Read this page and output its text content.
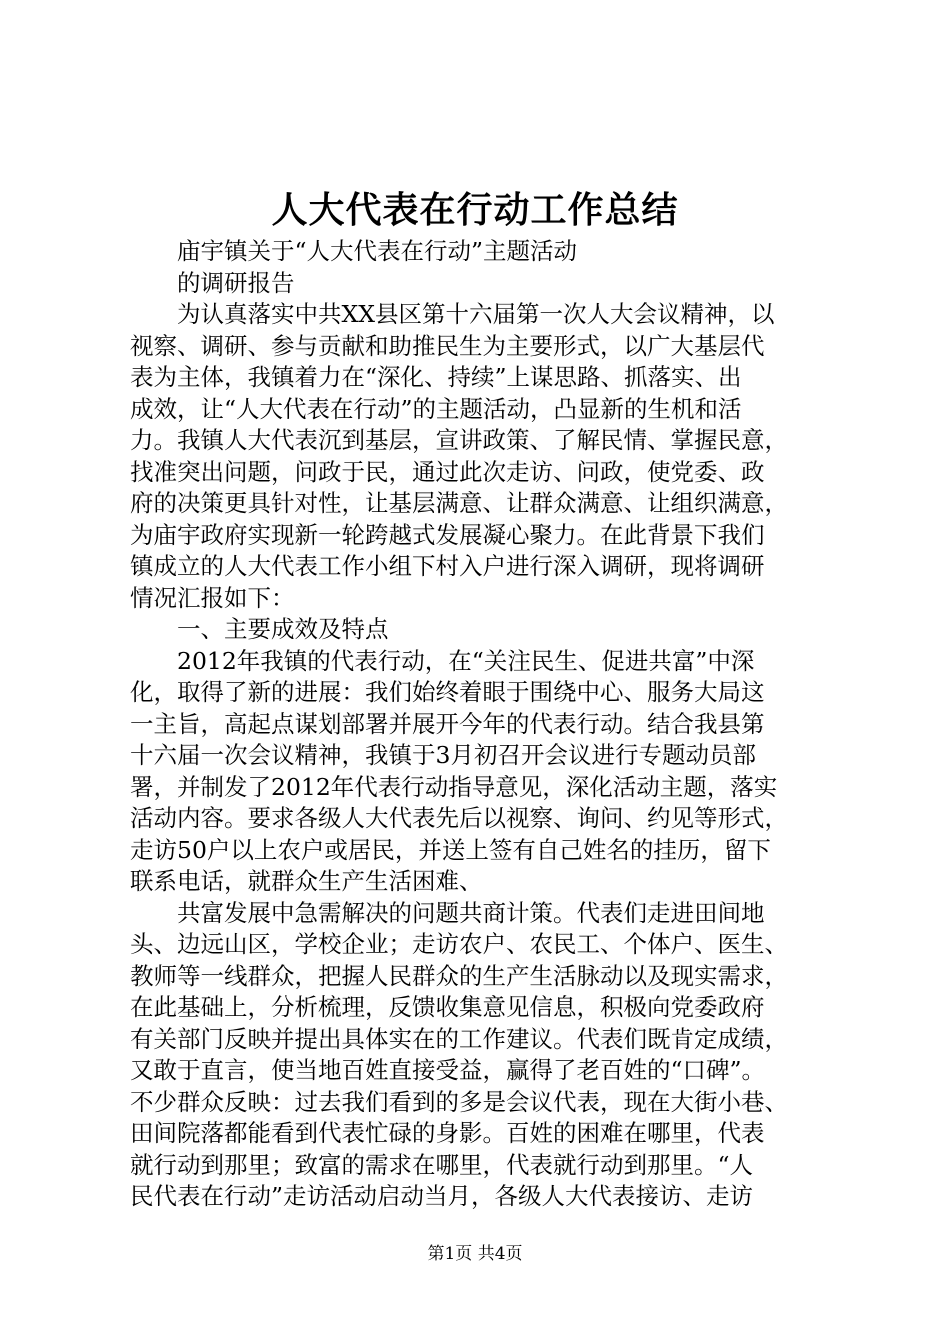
人大代表在行动工作总结
庙宇镇关于“人大代表在行动”主题活动
的调研报告
为认真落实中共XX县区第十六届第一次人大会议精神，以
视察、调研、参与贡献和助推民生为主要形式，以广大基层代
表为主体，我镇着力在“深化、持续”上谋思路、抓落实、出
成效，让“人大代表在行动”的主题活动，凸显新的生机和活
力。我镇人大代表沉到基层，宣讲政策、了解民情、掌握民意，
找准突出问题，问政于民，通过此次走访、问政，使党委、政
府的决策更具针对性，让基层满意、让群众满意、让组织满意，
为庙宇政府实现新一轮跨越式发展凝心聚力。在此背景下我们
镇成立的人大代表工作小组下村入户进行深入调研，现将调研
情况汇报如下：
一、主要成效及特点
2012年我镇的代表行动，在“关注民生、促进共富”中深
化，取得了新的进展：我们始终着眼于围绕中心、服务大局这
一主旨，高起点谋划部署并展开今年的代表行动。结合我县第
十六届一次会议精神，我镇于3月初召开会议进行专题动员部
署，并制发了2012年代表行动指导意见，深化活动主题，落实
活动内容。要求各级人大代表先后以视察、询问、约见等形式，
走访50户以上农户或居民，并送上签有自己姓名的挂历，留下
联系电话，就群众生产生活困难、
共富发展中急需解决的问题共商计策。代表们走进田间地
头、边远山区，学校企业；走访农户、农民工、个体户、医生、
教师等一线群众，把握人民群众的生产生活脉动以及现实需求，
在此基础上，分析梳理，反馈收集意见信息，积极向党委政府
有关部门反映并提出具体实在的工作建议。代表们既肯定成绩，
又敢于直言，使当地百姓直接受益，赢得了老百姓的“口碑”。
不少群众反映：过去我们看到的多是会议代表，现在大街小巷、
田间院落都能看到代表忙碌的身影。百姓的困难在哪里，代表
就行动到那里；致富的需求在哪里，代表就行动到那里。“人
民代表在行动”走访活动启动当月，各级人大代表接访、走访
第1页 共4页
